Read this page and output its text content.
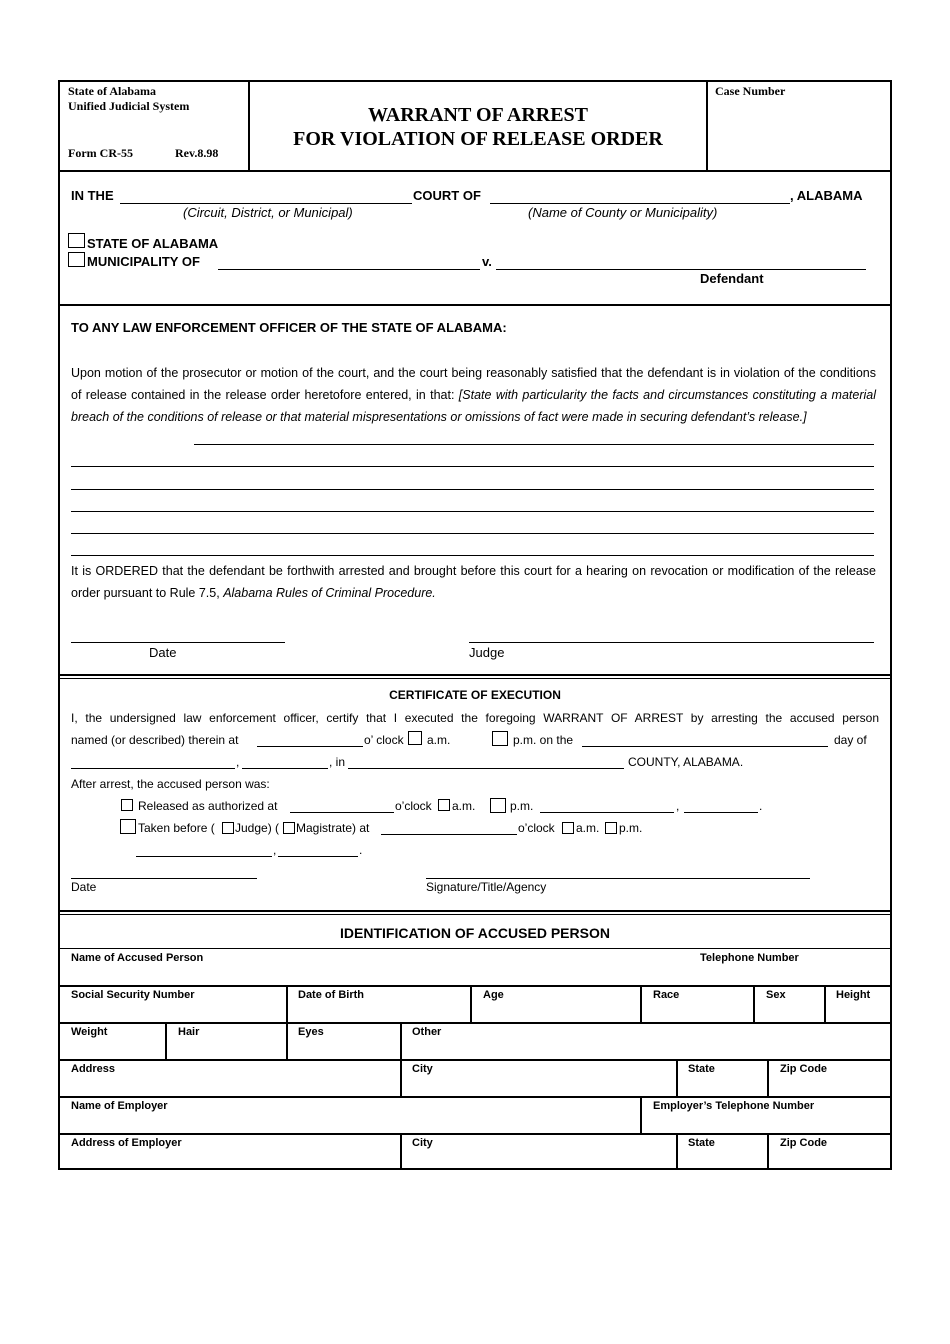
State of Alabama
Unified Judicial System
Form CR-55	Rev.8.98
WARRANT OF ARREST
FOR VIOLATION OF RELEASE ORDER
Case Number
IN THE	COURT OF	, ALABAMA
(Circuit, District, or Municipal)	(Name of County or Municipality)
STATE OF ALABAMA
MUNICIPALITY OF	v.
Defendant
TO ANY LAW ENFORCEMENT OFFICER OF THE STATE OF ALABAMA:
Upon motion of the prosecutor or motion of the court, and the court being reasonably satisfied that the defendant is in violation of the conditions of release contained in the release order heretofore entered, in that: [State with particularity the facts and circumstances constituting a material breach of the conditions of release or that material mispresentations or omissions of fact were made in securing defendant’s release.]
It is ORDERED that the defendant be forthwith arrested and brought before this court for a hearing on revocation or modification of the release order pursuant to Rule 7.5, Alabama Rules of Criminal Procedure.
Date	Judge
CERTIFICATE OF EXECUTION
I, the undersigned law enforcement officer, certify that I executed the foregoing WARRANT OF ARREST by arresting the accused person
named (or described) therein at	o’ clock a.m.	p.m. on the	day of
,	, in	COUNTY, ALABAMA.
After arrest, the accused person was:
Released as authorized at	o’clock a.m.	p.m.	,	.
Taken before ( Judge) ( Magistrate) at	o’clock a.m. p.m.
,	.
Date	Signature/Title/Agency
IDENTIFICATION OF ACCUSED PERSON
Name of Accused Person	Telephone Number
Social Security Number	Date of Birth	Age	Race	Sex	Height
Weight	Hair	Eyes	Other
Address	City	State	Zip Code
Name of Employer	Employer’s Telephone Number
Address of Employer	City	State	Zip Code
